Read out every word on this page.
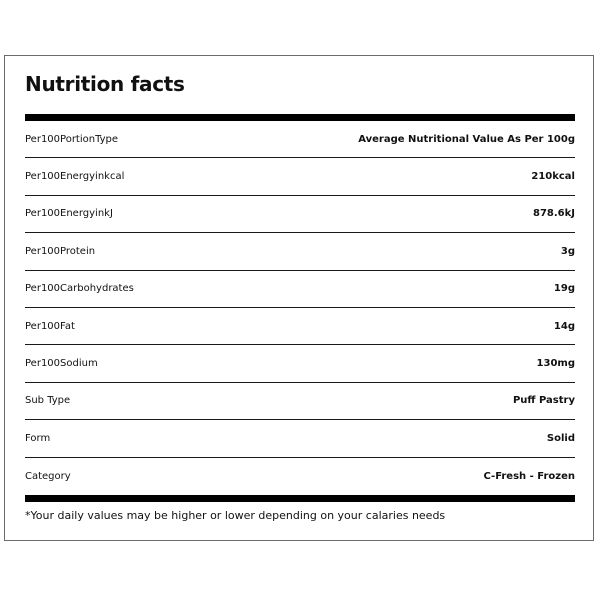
Nutrition facts
Per100PortionType	Average Nutritional Value As Per 100g
Per100Energyinkcal	210kcal
Per100EnergyinkJ	878.6kJ
Per100Protein	3g
Per100Carbohydrates	19g
Per100Fat	14g
Per100Sodium	130mg
Sub Type	Puff Pastry
Form	Solid
Category	C-Fresh - Frozen

*Your daily values may be higher or lower depending on your calaries needs
